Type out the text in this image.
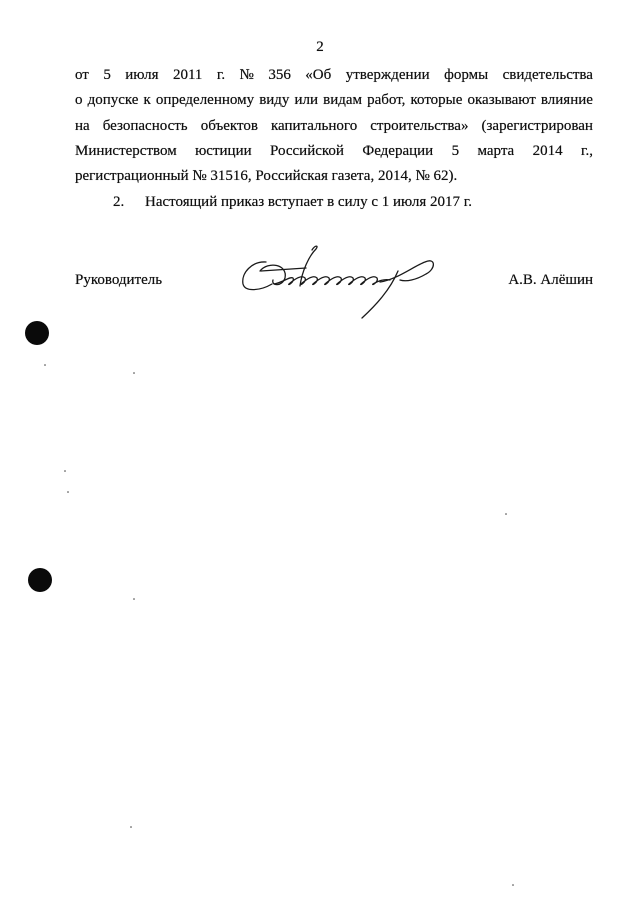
2
от 5 июля 2011 г. № 356 «Об утверждении формы свидетельства
о допуске к определенному виду или видам работ, которые оказывают влияние
на безопасность объектов капитального строительства» (зарегистрирован
Министерством юстиции Российской Федерации 5 марта 2014 г.,
регистрационный № 31516, Российская газета, 2014, № 62).
2. Настоящий приказ вступает в силу с 1 июля 2017 г.
Руководитель	А.В. Алёшин
